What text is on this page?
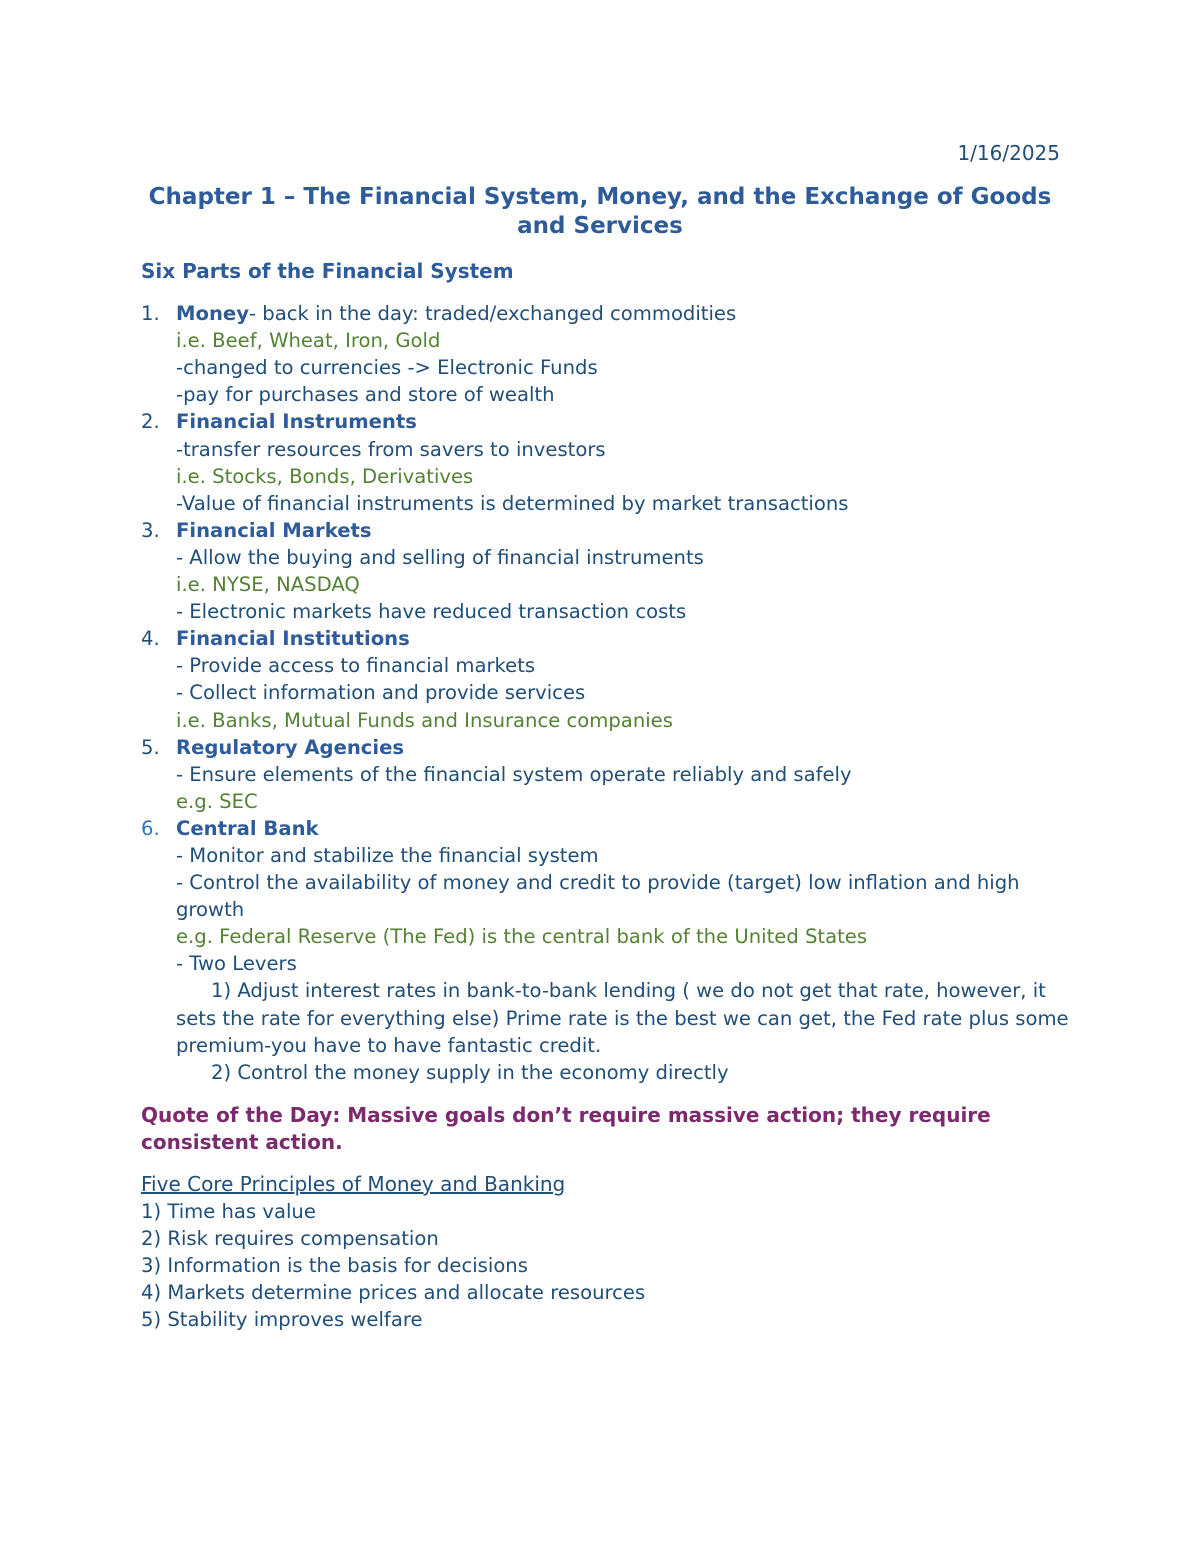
1/16/2025
Chapter 1 – The Financial System, Money, and the Exchange of Goods and Services
Six Parts of the Financial System
1. Money- back in the day: traded/exchanged commodities
i.e. Beef, Wheat, Iron, Gold
-changed to currencies -> Electronic Funds
-pay for purchases and store of wealth
2. Financial Instruments
-transfer resources from savers to investors
i.e. Stocks, Bonds, Derivatives
-Value of financial instruments is determined by market transactions
3. Financial Markets
- Allow the buying and selling of financial instruments
i.e. NYSE, NASDAQ
- Electronic markets have reduced transaction costs
4. Financial Institutions
- Provide access to financial markets
- Collect information and provide services
i.e. Banks, Mutual Funds and Insurance companies
5. Regulatory Agencies
- Ensure elements of the financial system operate reliably and safely
e.g. SEC
6. Central Bank
- Monitor and stabilize the financial system
- Control the availability of money and credit to provide (target) low inflation and high growth
e.g. Federal Reserve (The Fed) is the central bank of the United States
- Two Levers
1) Adjust interest rates in bank-to-bank lending ( we do not get that rate, however, it sets the rate for everything else) Prime rate is the best we can get, the Fed rate plus some premium-you have to have fantastic credit.
2) Control the money supply in the economy directly
Quote of the Day: Massive goals don’t require massive action; they require consistent action.
Five Core Principles of Money and Banking
1) Time has value
2) Risk requires compensation
3) Information is the basis for decisions
4) Markets determine prices and allocate resources
5) Stability improves welfare
